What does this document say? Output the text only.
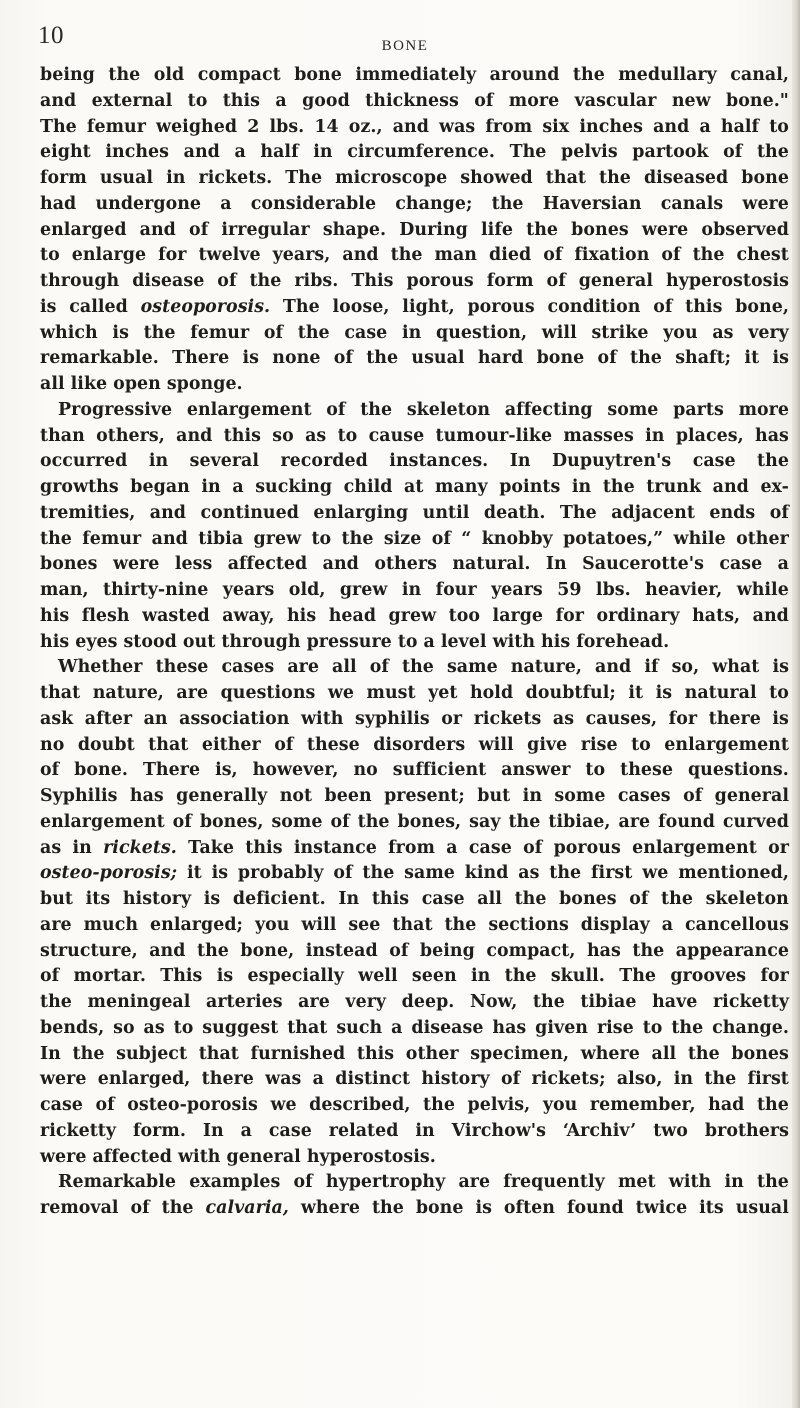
10	BONE
being the old compact bone immediately around the medullary canal,
and external to this a good thickness of more vascular new bone."
The femur weighed 2 lbs. 14 oz., and was from six inches and a half to
eight inches and a half in circumference. The pelvis partook of the
form usual in rickets. The microscope showed that the diseased bone
had undergone a considerable change; the Haversian canals were
enlarged and of irregular shape. During life the bones were observed
to enlarge for twelve years, and the man died of fixation of the chest
through disease of the ribs. This porous form of general hyperostosis
is called osteoporosis. The loose, light, porous condition of this bone,
which is the femur of the case in question, will strike you as very
remarkable. There is none of the usual hard bone of the shaft; it is
all like open sponge.
Progressive enlargement of the skeleton affecting some parts more
than others, and this so as to cause tumour-like masses in places, has
occurred in several recorded instances. In Dupuytren's case the
growths began in a sucking child at many points in the trunk and ex-
tremities, and continued enlarging until death. The adjacent ends of
the femur and tibia grew to the size of “ knobby potatoes,” while other
bones were less affected and others natural. In Saucerotte's case a
man, thirty-nine years old, grew in four years 59 lbs. heavier, while
his flesh wasted away, his head grew too large for ordinary hats, and
his eyes stood out through pressure to a level with his forehead.
Whether these cases are all of the same nature, and if so, what is
that nature, are questions we must yet hold doubtful; it is natural to
ask after an association with syphilis or rickets as causes, for there is
no doubt that either of these disorders will give rise to enlargement
of bone. There is, however, no sufficient answer to these questions.
Syphilis has generally not been present; but in some cases of general
enlargement of bones, some of the bones, say the tibiae, are found curved
as in rickets. Take this instance from a case of porous enlargement or
osteo-porosis; it is probably of the same kind as the first we mentioned,
but its history is deficient. In this case all the bones of the skeleton
are much enlarged; you will see that the sections display a cancellous
structure, and the bone, instead of being compact, has the appearance
of mortar. This is especially well seen in the skull. The grooves for
the meningeal arteries are very deep. Now, the tibiae have ricketty
bends, so as to suggest that such a disease has given rise to the change.
In the subject that furnished this other specimen, where all the bones
were enlarged, there was a distinct history of rickets; also, in the first
case of osteo-porosis we described, the pelvis, you remember, had the
ricketty form. In a case related in Virchow's ‘Archiv’ two brothers
were affected with general hyperostosis.
Remarkable examples of hypertrophy are frequently met with in the
removal of the calvaria, where the bone is often found twice its usual
